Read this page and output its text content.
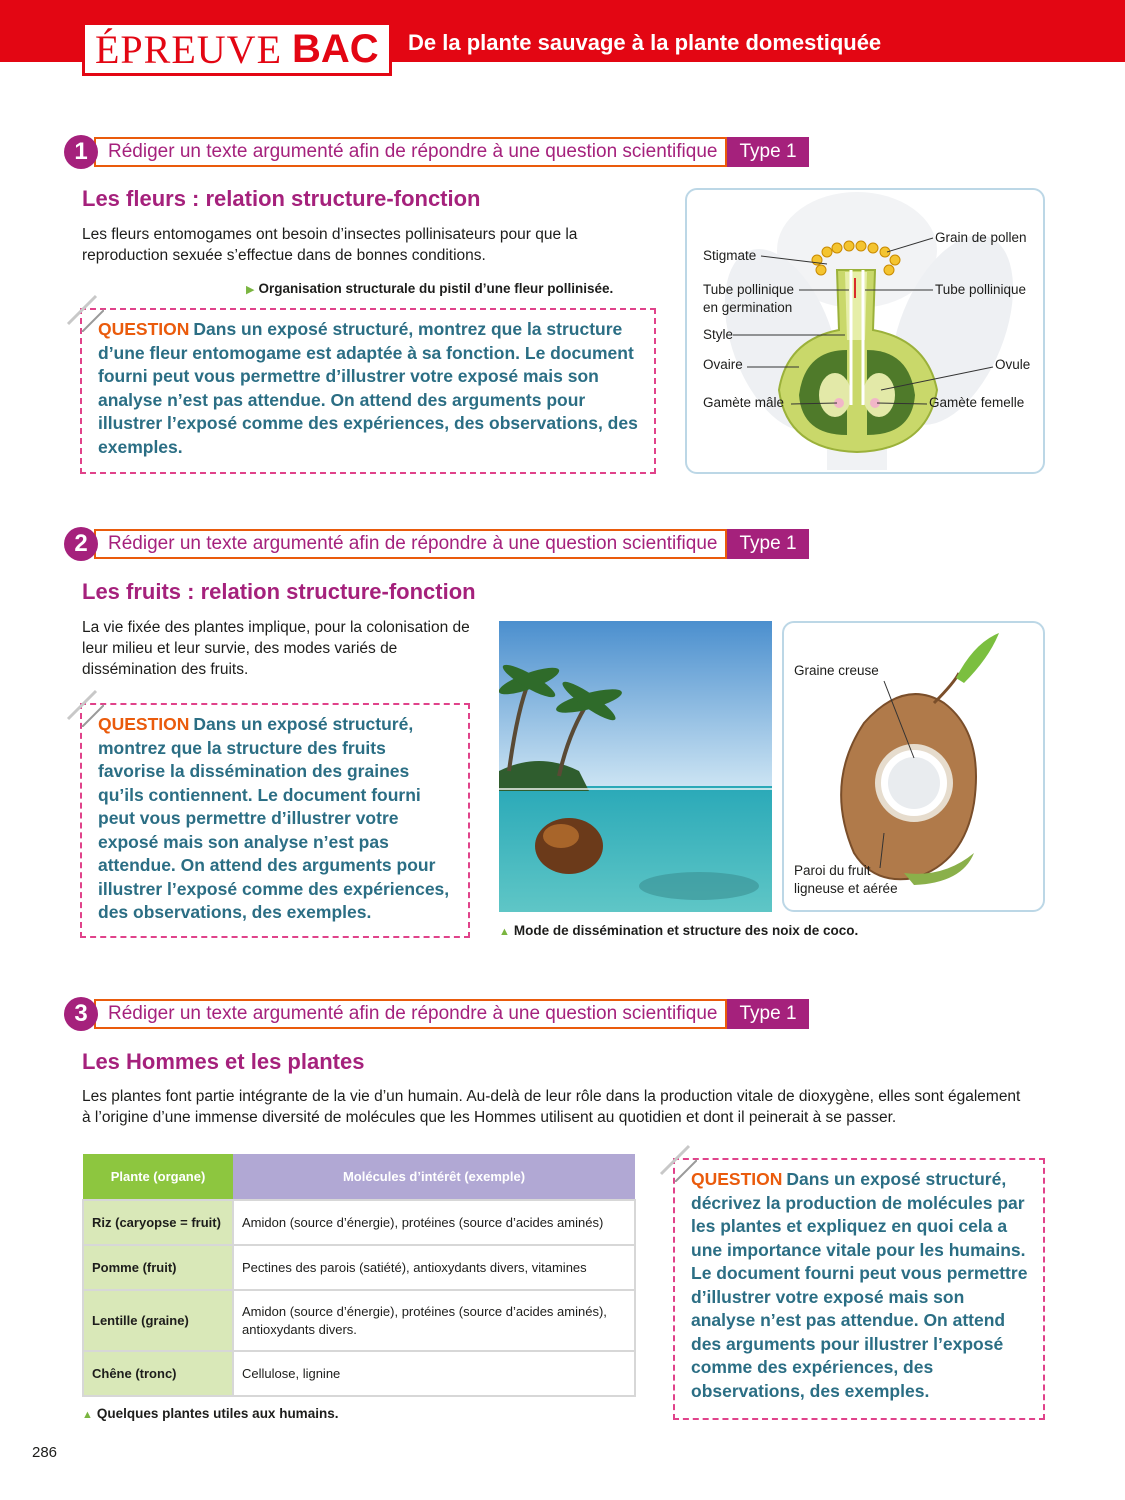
ÉPREUVE BAC De la plante sauvage à la plante domestiquée
1	Rédiger un texte argumenté afin de répondre à une question scientifique	Type 1
Les fleurs : relation structure-fonction
Les fleurs entomogames ont besoin d’insectes pollinisateurs pour que la reproduction sexuée s’effectue dans de bonnes conditions.
▶ Organisation structurale du pistil d’une fleur pollinisée.
QUESTION Dans un exposé structuré, montrez que la structure d’une fleur entomogame est adaptée à sa fonction. Le document fourni peut vous permettre d’illustrer votre exposé mais son analyse n’est pas attendue. On attend des arguments pour illustrer l’exposé comme des expériences, des observations, des exemples.
Stigmate
Tube pollinique
en germination
Style
Ovaire
Gamète mâle
Grain de pollen
Tube pollinique
Ovule
Gamète femelle
2	Rédiger un texte argumenté afin de répondre à une question scientifique	Type 1
Les fruits : relation structure-fonction
La vie fixée des plantes implique, pour la colonisation de leur milieu et leur survie, des modes variés de dissémination des fruits.
QUESTION Dans un exposé structuré, montrez que la structure des fruits favorise la dissémination des graines qu’ils contiennent. Le document fourni peut vous permettre d’illustrer votre exposé mais son analyse n’est pas attendue. On attend des arguments pour illustrer l’exposé comme des expériences, des observations, des exemples.
Graine creuse
Paroi du fruit
ligneuse et aérée
▲ Mode de dissémination et structure des noix de coco.
3	Rédiger un texte argumenté afin de répondre à une question scientifique	Type 1
Les Hommes et les plantes
Les plantes font partie intégrante de la vie d’un humain. Au-delà de leur rôle dans la production vitale de dioxygène, elles sont également à l’origine d’une immense diversité de molécules que les Hommes utilisent au quotidien et dont il peinerait à se passer.
Plante (organe)	Molécules d’intérêt (exemple)
Riz (caryopse = fruit)	Amidon (source d’énergie), protéines (source d’acides aminés)
Pomme (fruit)	Pectines des parois (satiété), antioxydants divers, vitamines
Lentille (graine)	Amidon (source d’énergie), protéines (source d’acides aminés), antioxydants divers.
Chêne (tronc)	Cellulose, lignine
▲ Quelques plantes utiles aux humains.
QUESTION Dans un exposé structuré, décrivez la production de molécules par les plantes et expliquez en quoi cela a une importance vitale pour les humains. Le document fourni peut vous permettre d’illustrer votre exposé mais son analyse n’est pas attendue. On attend des arguments pour illustrer l’exposé comme des expériences, des observations, des exemples.
286
